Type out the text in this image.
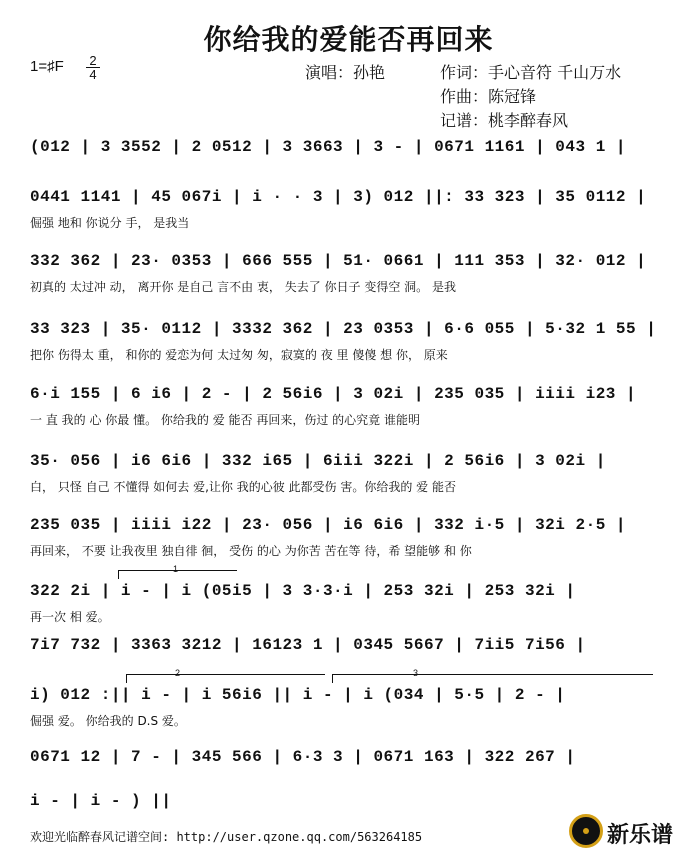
你给我的爱能否再回来
1=♯F 2
4	演唱：孙艳	作词：手心音符 千山万水
作曲：陈冠锋
记谱：桃李醉春风
(012 | 3 3552 | 2 0512 | 3 3663 | 3 - | 0671 1161 | 043 1 |
0441 1141 | 45 067i | i · · 3 | 3) 012 ||: 33 323 | 35 0112 |
倔强 地和 你说分 手， 是我当
332 362 | 23· 0353 | 666 555 | 51· 0661 | 111 353 | 32· 012 |
初真的 太过冲 动， 离开你 是自己 言不由 衷， 失去了 你日子 变得空 洞。 是我
33 323 | 35· 0112 | 3332 362 | 23 0353 | 6·6 055 | 5·32 1 55 |
把你 伤得太 重， 和你的 爱恋为何 太过匆 匆，寂寞的 夜 里 傻傻 想 你， 原来
6·i 155 | 6 i6 | 2 - | 2 56i6 | 3 02i | 235 035 | iiii i23 |
一 直 我的 心 你最 懂。 你给我的 爱 能否 再回来，伤过 的心究竟 谁能明
35· 056 | i6 6i6 | 332 i65 | 6iii 322i | 2 56i6 | 3 02i |
白， 只怪 自己 不懂得 如何去 爱,让你 我的心彼 此都受伤 害。你给我的 爱 能否
235 035 | iiii i22 | 23· 056 | i6 6i6 | 332 i·5 | 32i 2·5 |
再回来， 不要 让我夜里 独自徘 徊， 受伤 的心 为你苦 苦在等 待，希 望能够 和 你
1
322 2i | i - | i (05i5 | 3 3·3·i | 253 32i | 253 32i |
再一次 相 爱。
7i7 732 | 3363 3212 | 16123 1 | 0345 5667 | 7ii5 7i56 |
2	3
i) 012 :|| i - | i 56i6 || i - | i (034 | 5·5 | 2 - |
倔强 爱。 你给我的 D.S 爱。
0671 12 | 7 - | 345 566 | 6·3 3 | 0671 163 | 322 267 |
i - | i - ) ||
欢迎光临醉春风记谱空间: http://user.qzone.qq.com/563264185	新乐谱
